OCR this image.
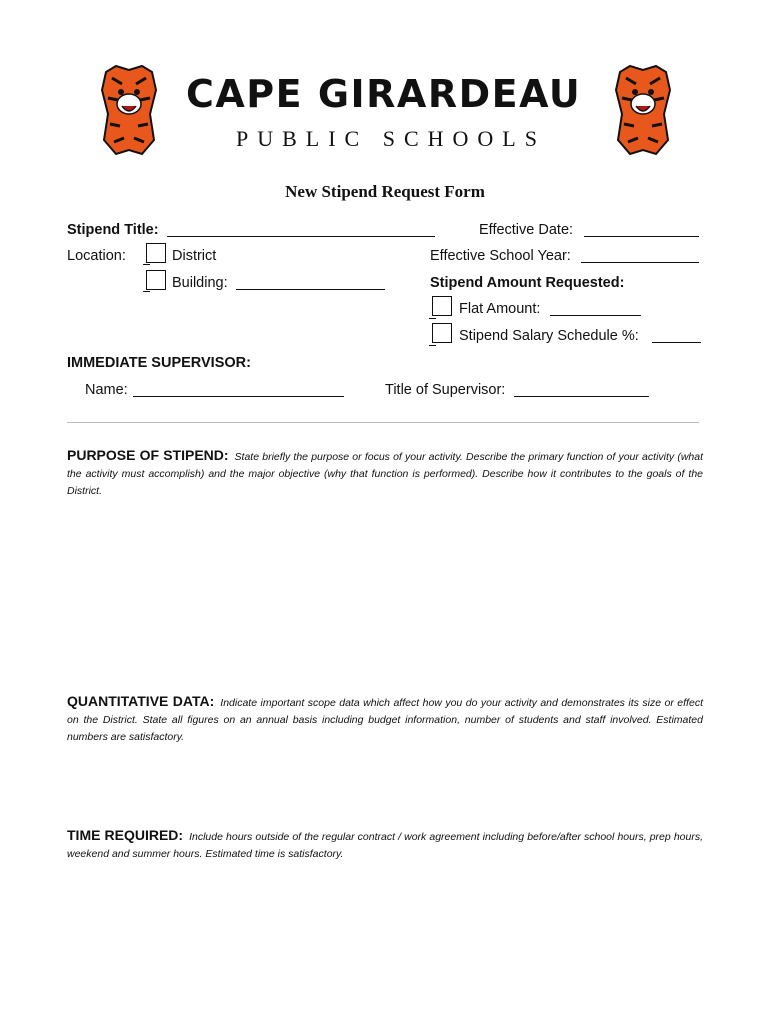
CAPE GIRARDEAU
PUBLIC SCHOOLS
New Stipend Request Form
Stipend Title:	Effective Date:
Location:	District	Effective School Year:
Building:	Stipend Amount Requested:
Flat Amount:
Stipend Salary Schedule %:
IMMEDIATE SUPERVISOR:
Name:	Title of Supervisor:
PURPOSE OF STIPEND: State briefly the purpose or focus of your activity. Describe the primary function of your activity (what the activity must accomplish) and the major objective (why that function is performed). Describe how it contributes to the goals of the District.
QUANTITATIVE DATA: Indicate important scope data which affect how you do your activity and demonstrates its size or effect on the District. State all figures on an annual basis including budget information, number of students and staff involved. Estimated numbers are satisfactory.
TIME REQUIRED: Include hours outside of the regular contract / work agreement including before/after school hours, prep hours, weekend and summer hours. Estimated time is satisfactory.
